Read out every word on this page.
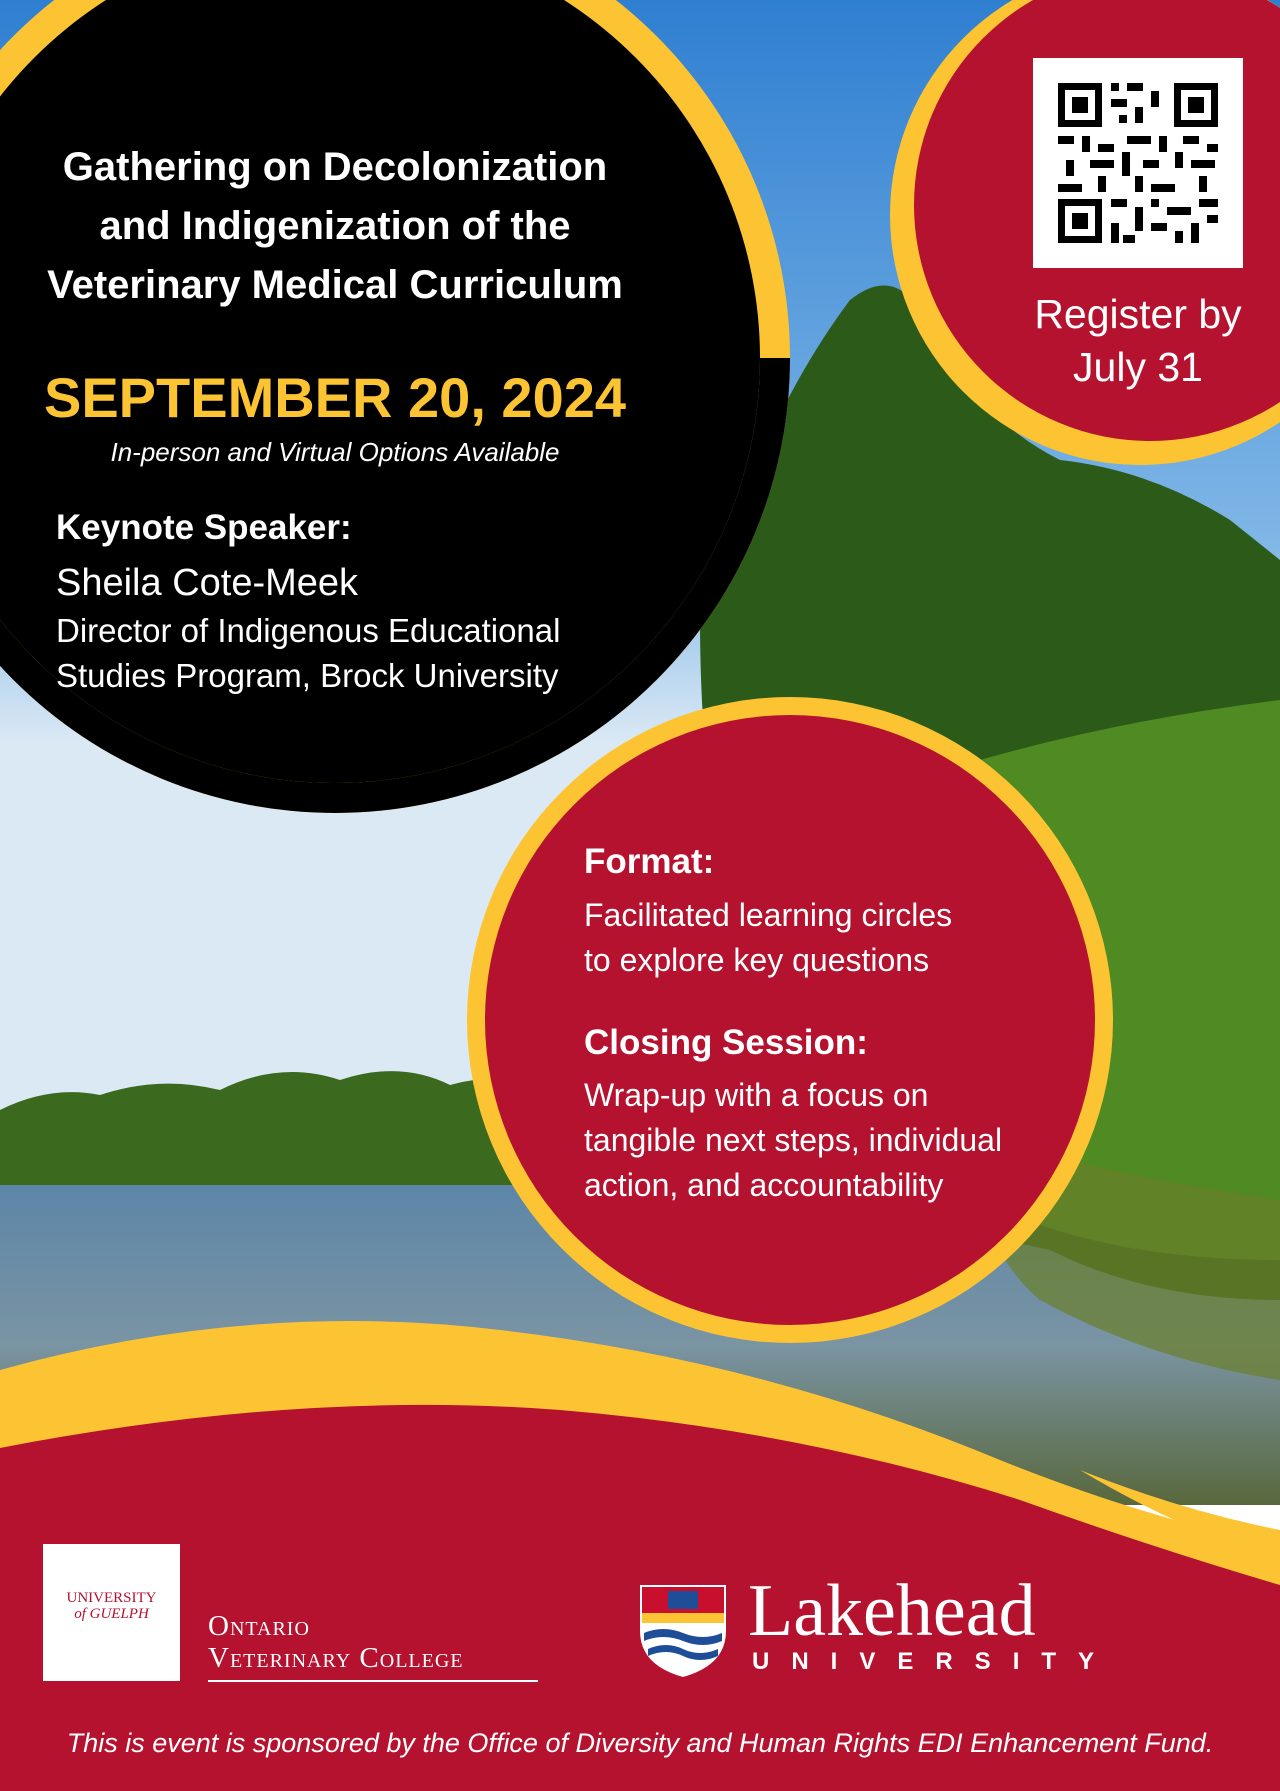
Gathering on Decolonization
and Indigenization of the
Veterinary Medical Curriculum
SEPTEMBER 20, 2024
In-person and Virtual Options Available
Keynote Speaker:
Sheila Cote-Meek
Director of Indigenous Educational
Studies Program, Brock University
Register by
July 31
Format:
Facilitated learning circles
to explore key questions
Closing Session:
Wrap-up with a focus on
tangible next steps, individual
action, and accountability
UNIVERSITY
of GUELPH	Ontario
Veterinary College
Lakehead
UNIVERSITY
This is event is sponsored by the Office of Diversity and Human Rights EDI Enhancement Fund.
